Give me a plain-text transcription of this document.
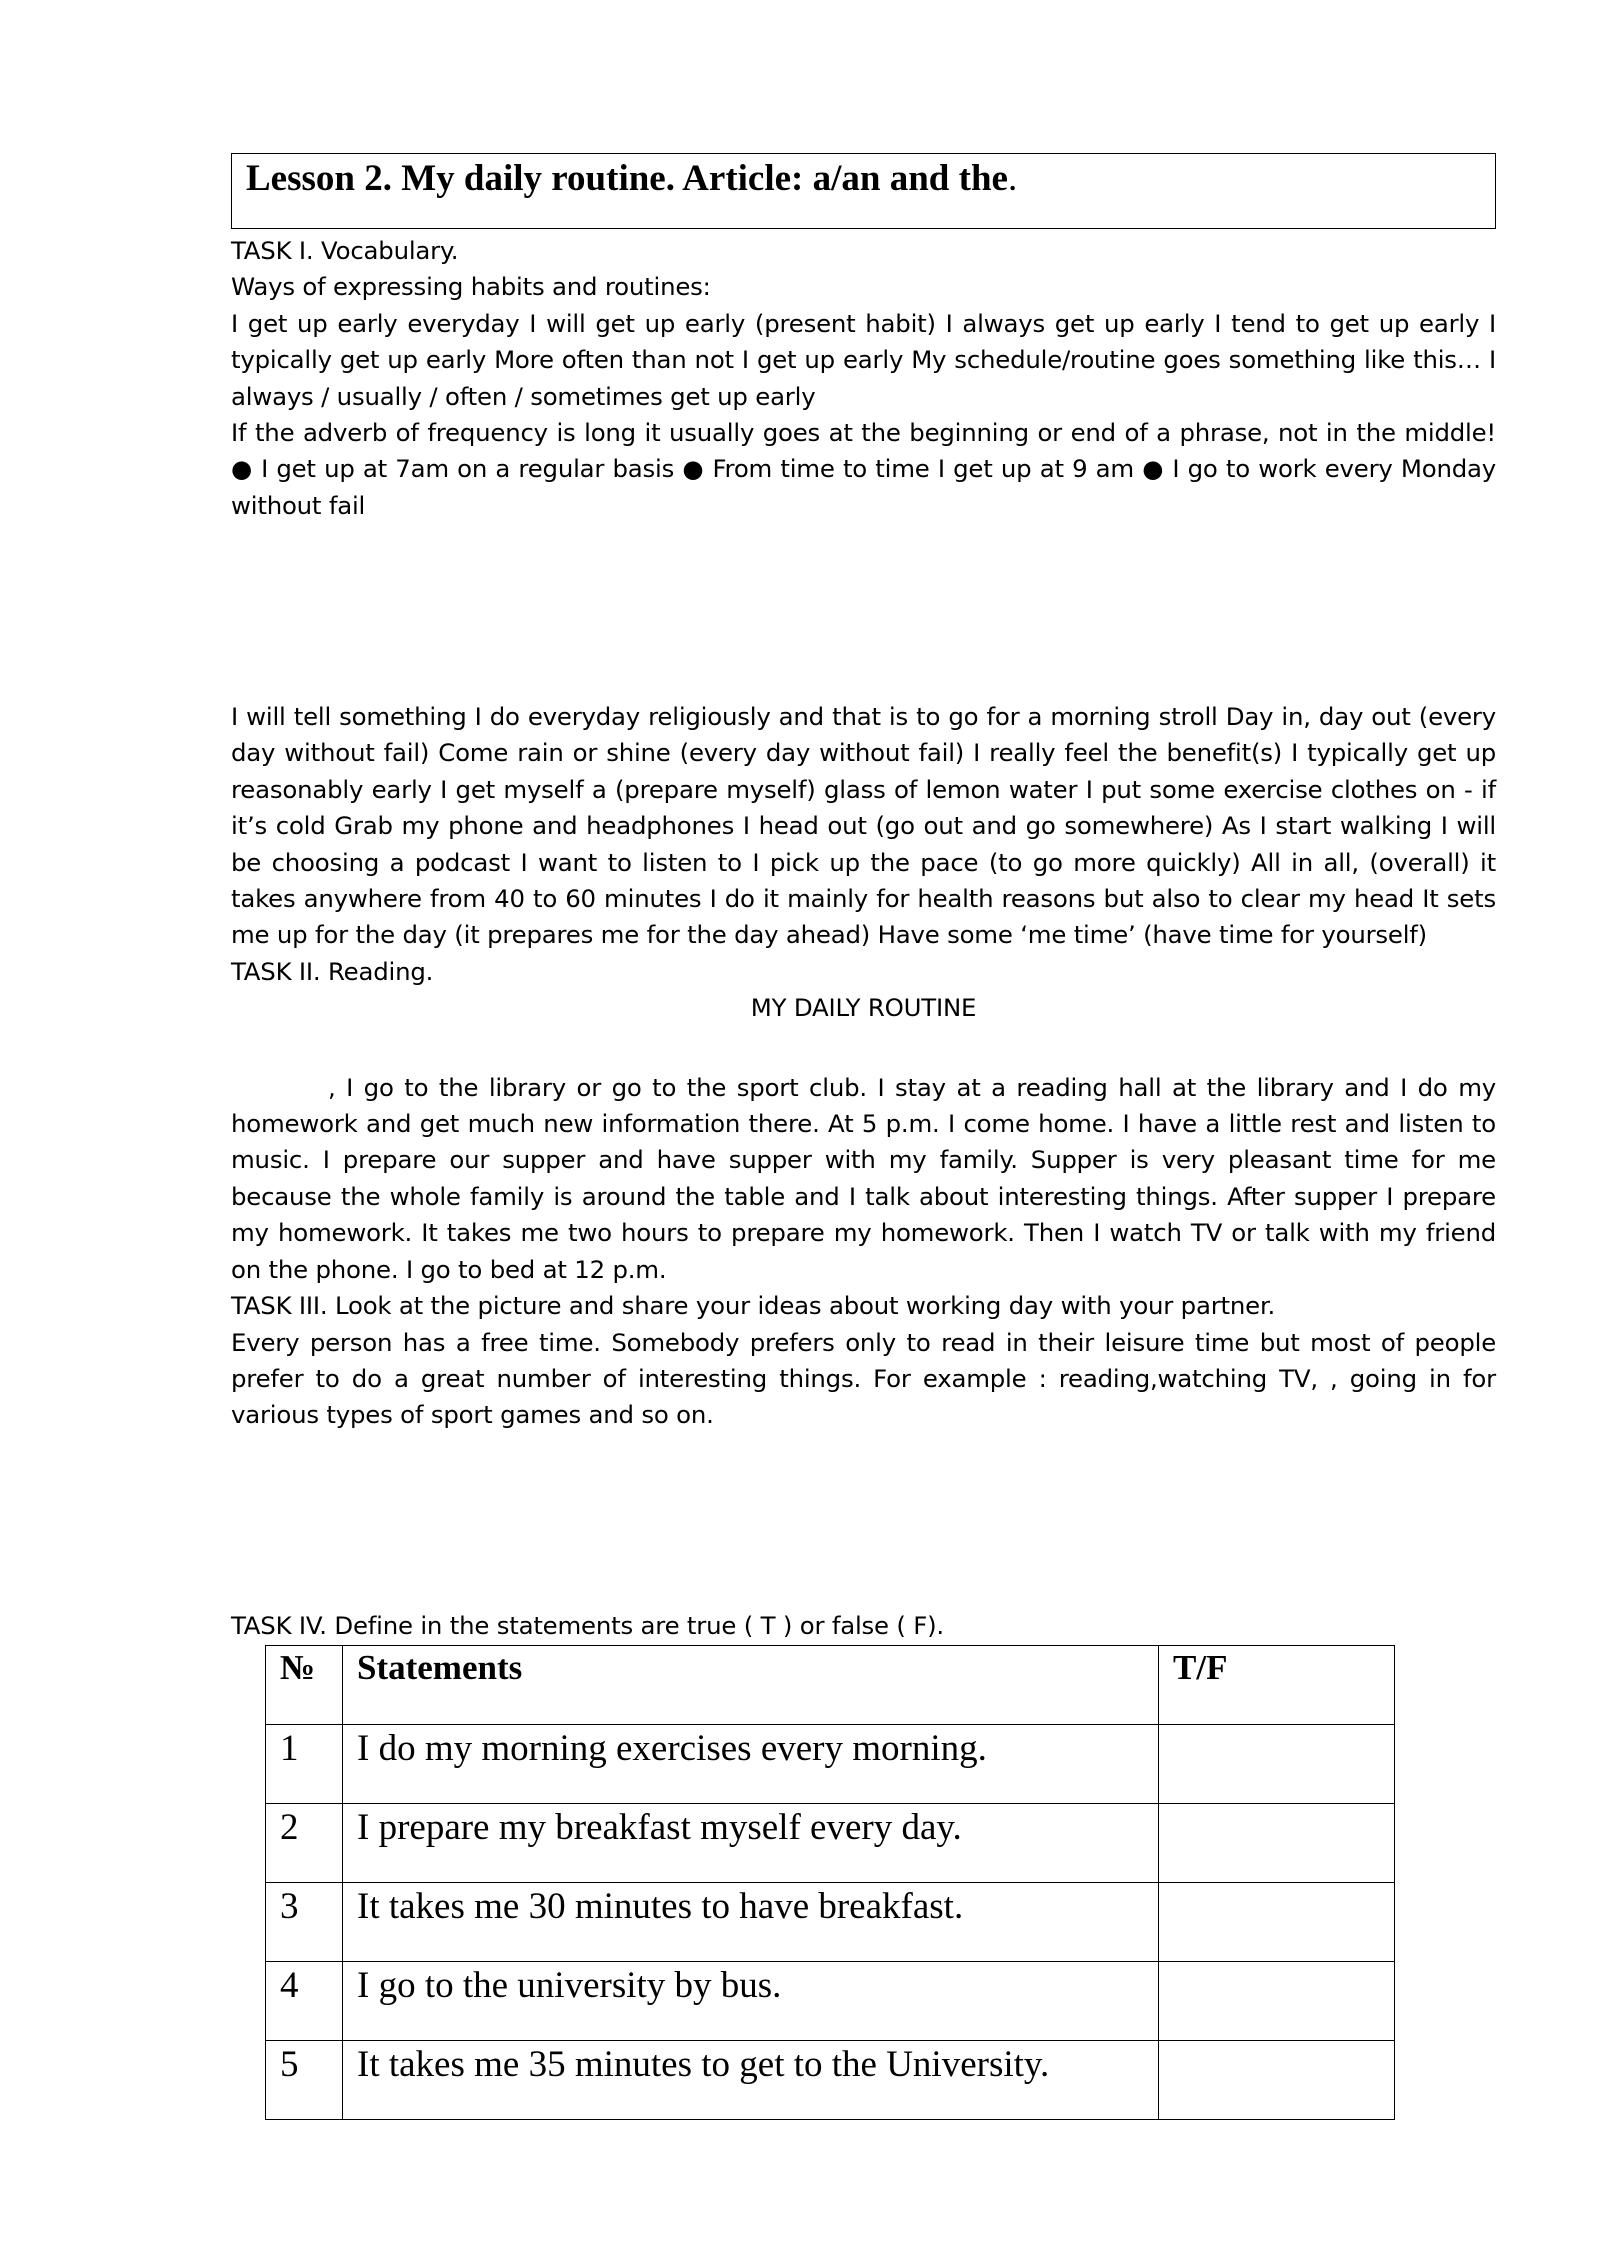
Lesson 2. My daily routine. Article: a/an and the.

TASK I. Vocabulary.

Ways of expressing habits and routines:

I get up early everyday I will get up early (present habit) I always get up early I tend to get up early I typically get up early More often than not I get up early My schedule/routine goes something like this… I always / usually / often / sometimes get up early

If the adverb of frequency is long it usually goes at the beginning or end of a phrase, not in the middle! ● I get up at 7am on a regular basis ● From time to time I get up at 9 am ● I go to work every Monday without fail

I will tell something I do everyday religiously and that is to go for a morning stroll Day in, day out (every day without fail) Come rain or shine (every day without fail) I really feel the benefit(s) I typically get up reasonably early I get myself a (prepare myself) glass of lemon water I put some exercise clothes on - if it’s cold Grab my phone and headphones I head out (go out and go somewhere) As I start walking I will be choosing a podcast I want to listen to I pick up the pace (to go more quickly) All in all, (overall) it takes anywhere from 40 to 60 minutes I do it mainly for health reasons but also to clear my head It sets me up for the day (it prepares me for the day ahead) Have some ‘me time’ (have time for yourself)

TASK II. Reading.

MY DAILY ROUTINE

, I go to the library or go to the sport club. I stay at a reading hall at the library and I do my homework and get much new information there. At 5 p.m. I come home. I have a little rest and listen to music. I prepare our supper and have supper with my family. Supper is very pleasant time for me because the whole family is around the table and I talk about interesting things. After supper I prepare my homework. It takes me two hours to prepare my homework. Then I watch TV or talk with my friend on the phone. I go to bed at 12 p.m.

TASK III. Look at the picture and share your ideas about working day with your partner.

Every person has a free time. Somebody prefers only to read in their leisure time but most of people prefer to do a great number of interesting things. For example : reading,watching TV, , going in for various types of sport games and so on.

TASK IV. Define in the statements are true ( T ) or false ( F).
№	Statements	T/F
1	I do my morning exercises every morning.	
2	I prepare my breakfast myself every day.	
3	It takes me 30 minutes to have breakfast.	
4	I go to the university by bus.	
5	It takes me 35 minutes to get to the University.	
